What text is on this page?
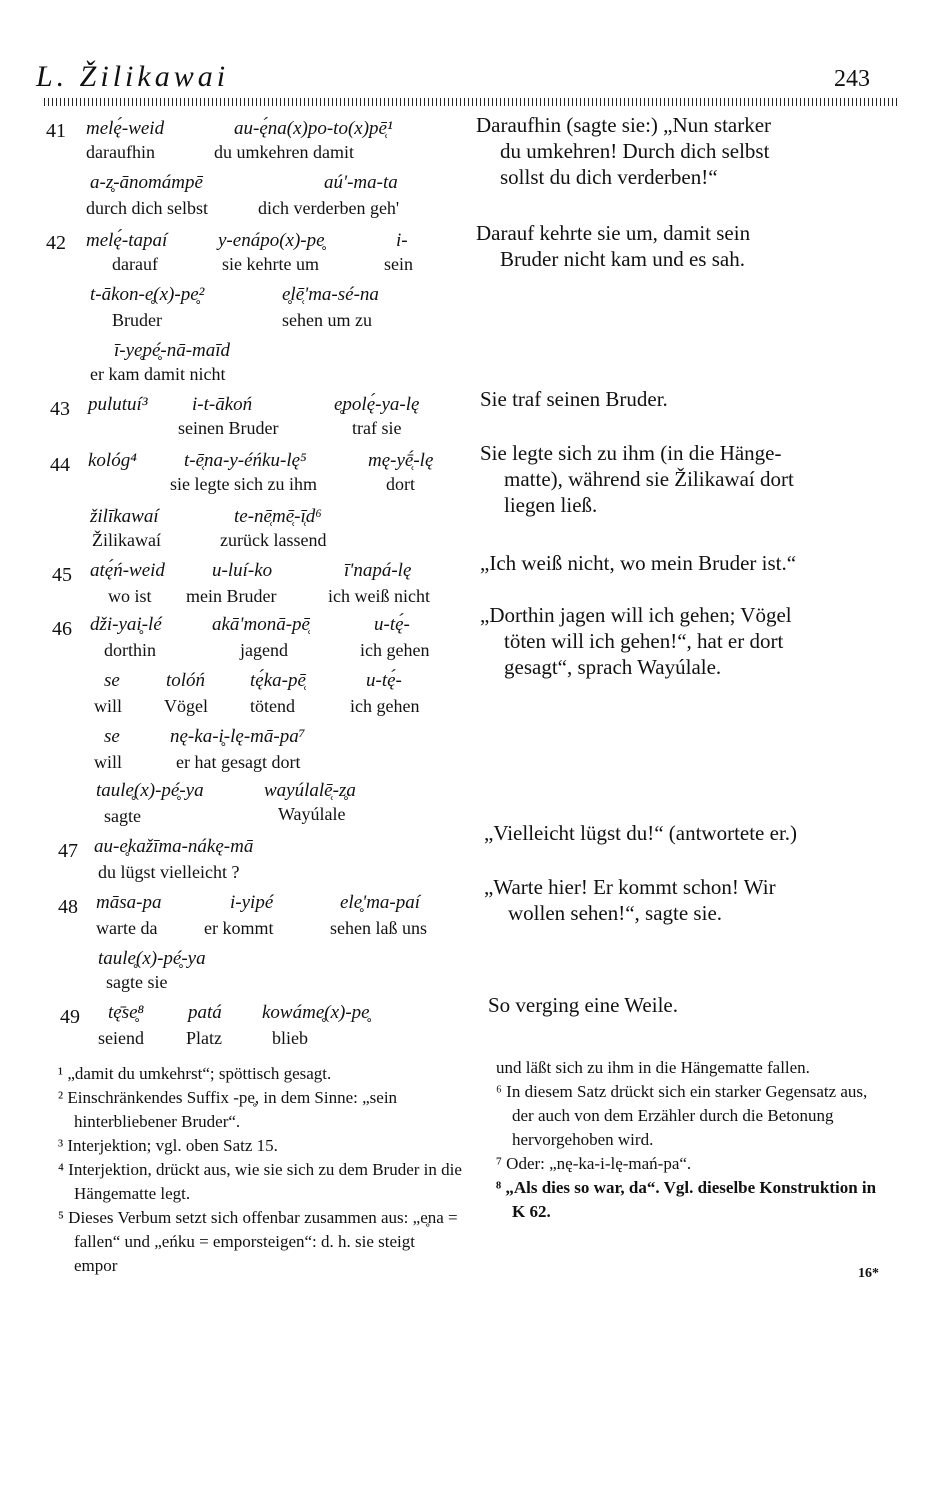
L. Žilikawai	243
41 melę́-weid
daraufhin
au-ę́na(x)po-to(x)pē̜¹
du umkehren damit
a-z̥-ānomámpē
durch dich selbst
aú'-ma-ta
dich verderben geh'
42 melę́-tapaí
darauf
y-enápo(x)-pe̥
sie kehrte um
i-
sein
t-ākon-e̥(x)-pe̥²
Bruder
e̥lē̜'ma-sé-na
sehen um zu
ī-ye̥pé̥-nā-maīd
er kam damit nicht
43 pulutuí³ i-t-ākoń
seinen Bruder
e̥polę́-ya-lę
traf sie
44 kológ⁴ t-ē̜na-y-éńku-lę⁵
sie legte sich zu ihm
mę-yḗ̜-lę
dort
žilīkawaí
Žilikawaí
te-nē̜mē̜-ī̜d⁶
zurück lassend
45 atę́ń-weid
wo ist
u-luí-ko
mein Bruder
ī'napá-lę
ich weiß nicht
46 dži-yai̥-lé
dorthin
akā'monā-pē̜
jagend
u-tę́-
ich gehen
se
will
tolóń
Vögel
tę́ka-pē̜
tötend
u-tę́-
ich gehen
se
will
nę-ka-i̥-lę-mā-pa⁷
er hat gesagt dort
taule̥(x)-pé̥-ya
sagte
wayúlalē̜-z̥a
Wayúlale
47 au-e̥kažīma-nákę-mā
du lügst vielleicht ?
48 māsa-pa
warte da
i-yipé
er kommt
ele̥'ma-paí
sehen laß uns
taule̥(x)-pé̥-ya
sagte sie
49 tę̄se̥⁸
seiend
patá
Platz
kowáme̥(x)-pe̥
blieb
¹ „damit du umkehrst“; spöttisch gesagt.
² Einschränkendes Suffix -pe̥, in dem Sinne: „sein hinterbliebener Bruder“.
³ Interjektion; vgl. oben Satz 15.
⁴ Interjektion, drückt aus, wie sie sich zu dem Bruder in die Hängematte legt.
⁵ Dieses Verbum setzt sich offenbar zusammen aus: „e̥na = fallen“ und „eńku = emporsteigen“: d. h. sie steigt empor
Daraufhin (sagte sie:) „Nun starker
du umkehren! Durch dich selbst
sollst du dich verderben!“
Darauf kehrte sie um, damit sein
Bruder nicht kam und es sah.
Sie traf seinen Bruder.
Sie legte sich zu ihm (in die Hänge-
matte), während sie Žilikawaí dort
liegen ließ.
„Ich weiß nicht, wo mein Bruder ist.“
„Dorthin jagen will ich gehen; Vögel
töten will ich gehen!“, hat er dort
gesagt“, sprach Wayúlale.
„Vielleicht lügst du!“ (antwortete er.)
„Warte hier! Er kommt schon! Wir
wollen sehen!“, sagte sie.
So verging eine Weile.
und läßt sich zu ihm in die Hängematte fallen.
⁶ In diesem Satz drückt sich ein starker Gegensatz aus, der auch von dem Erzähler durch die Betonung hervorgehoben wird.
⁷ Oder: „nę-ka-i-lę-mań-pa“.
⁸ „Als dies so war, da“. Vgl. dieselbe Konstruktion in K 62.
16*
